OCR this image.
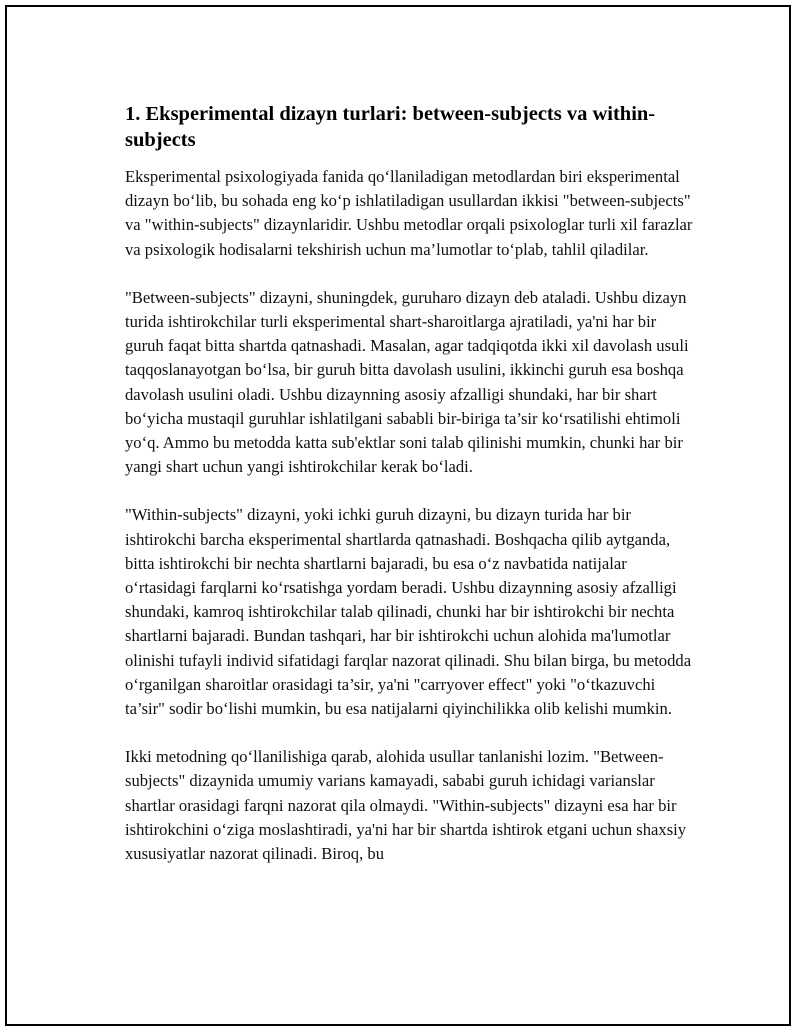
1. Eksperimental dizayn turlari: between-subjects va within-subjects

Eksperimental psixologiyada fanida qo‘llaniladigan metodlardan biri eksperimental dizayn bo‘lib, bu sohada eng ko‘p ishlatiladigan usullardan ikkisi "between-subjects" va "within-subjects" dizaynlaridir. Ushbu metodlar orqali psixologlar turli xil farazlar va psixologik hodisalarni tekshirish uchun ma’lumotlar to‘plab, tahlil qiladilar.

"Between-subjects" dizayni, shuningdek, guruharo dizayn deb ataladi. Ushbu dizayn turida ishtirokchilar turli eksperimental shart-sharoitlarga ajratiladi, ya'ni har bir guruh faqat bitta shartda qatnashadi. Masalan, agar tadqiqotda ikki xil davolash usuli taqqoslanayotgan bo‘lsa, bir guruh bitta davolash usulini, ikkinchi guruh esa boshqa davolash usulini oladi. Ushbu dizaynning asosiy afzalligi shundaki, har bir shart bo‘yicha mustaqil guruhlar ishlatilgani sababli bir-biriga ta’sir ko‘rsatilishi ehtimoli yo‘q. Ammo bu metodda katta sub'ektlar soni talab qilinishi mumkin, chunki har bir yangi shart uchun yangi ishtirokchilar kerak bo‘ladi.

"Within-subjects" dizayni, yoki ichki guruh dizayni, bu dizayn turida har bir ishtirokchi barcha eksperimental shartlarda qatnashadi. Boshqacha qilib aytganda, bitta ishtirokchi bir nechta shartlarni bajaradi, bu esa o‘z navbatida natijalar o‘rtasidagi farqlarni ko‘rsatishga yordam beradi. Ushbu dizaynning asosiy afzalligi shundaki, kamroq ishtirokchilar talab qilinadi, chunki har bir ishtirokchi bir nechta shartlarni bajaradi. Bundan tashqari, har bir ishtirokchi uchun alohida ma'lumotlar olinishi tufayli individ sifatidagi farqlar nazorat qilinadi. Shu bilan birga, bu metodda o‘rganilgan sharoitlar orasidagi ta’sir, ya'ni "carryover effect" yoki "o‘tkazuvchi ta’sir" sodir bo‘lishi mumkin, bu esa natijalarni qiyinchilikka olib kelishi mumkin.

Ikki metodning qo‘llanilishiga qarab, alohida usullar tanlanishi lozim. "Between-subjects" dizaynida umumiy varians kamayadi, sababi guruh ichidagi varianslar shartlar orasidagi farqni nazorat qila olmaydi. "Within-subjects" dizayni esa har bir ishtirokchini o‘ziga moslashtiradi, ya'ni har bir shartda ishtirok etgani uchun shaxsiy xususiyatlar nazorat qilinadi. Biroq, bu
